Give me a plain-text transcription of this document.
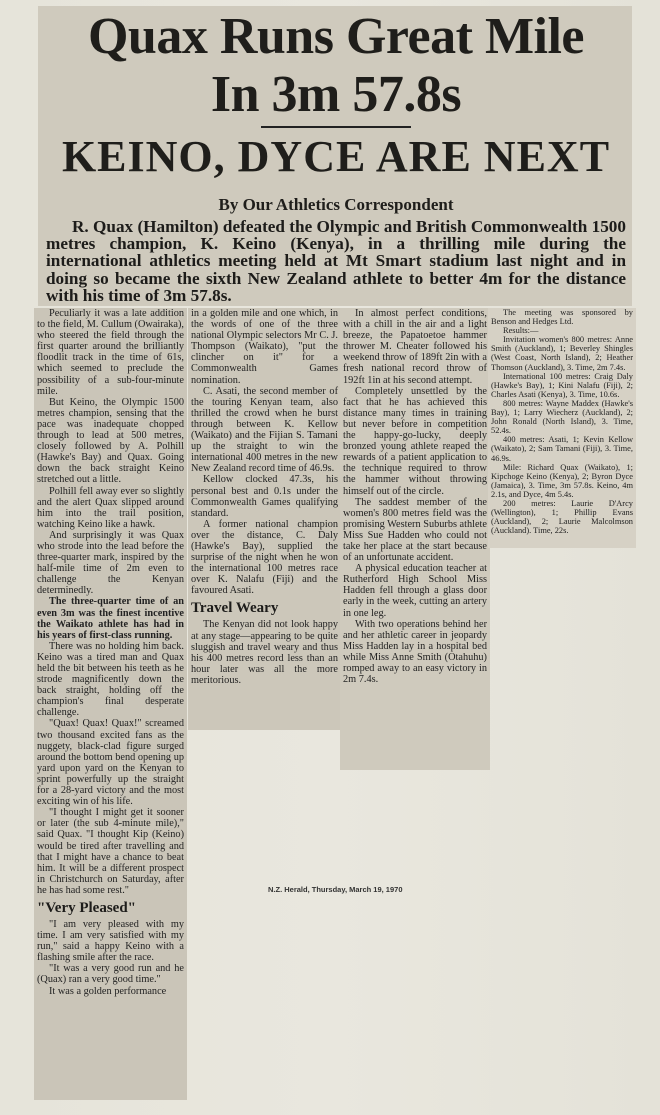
Quax Runs Great Mile
In 3m 57.8s
KEINO, DYCE ARE NEXT
By Our Athletics Correspondent

R. Quax (Hamilton) defeated the Olympic and British Commonwealth 1500 metres champion, K. Keino (Kenya), in a thrilling mile during the international athletics meeting held at Mt Smart stadium last night and in doing so became the sixth New Zealand athlete to better 4m for the distance with his time of 3m 57.8s.

Peculiarly it was a late addition to the field, M. Cullum (Owairaka), who steered the field through the first quarter around the brilliantly floodlit track in the time of 61s, which seemed to preclude the possibility of a sub-four-minute mile.

But Keino, the Olympic 1500 metres champion, sensing that the pace was inadequate chopped through to lead at 500 metres, closely followed by A. Polhill (Hawke's Bay) and Quax. Going down the back straight Keino stretched out a little.

Polhill fell away ever so slightly and the alert Quax slipped around him into the trail position, watching Keino like a hawk.

And surprisingly it was Quax who strode into the lead before the three-quarter mark, inspired by the half-mile time of 2m even to challenge the Kenyan determinedly.

The three-quarter time of an even 3m was the finest incentive the Waikato athlete has had in his years of first-class running.

There was no holding him back. Keino was a tired man and Quax held the bit between his teeth as he strode magnificently down the back straight, holding off the champion's final desperate challenge.

"Quax! Quax! Quax!" screamed two thousand excited fans as the nuggety, black-clad figure surged around the bottom bend opening up yard upon yard on the Kenyan to sprint powerfully up the straight for a 28-yard victory and the most exciting win of his life.

"I thought I might get it sooner or later (the sub 4-minute mile)," said Quax. "I thought Kip (Keino) would be tired after travelling and that I might have a chance to beat him. It will be a different prospect in Christchurch on Saturday, after he has had some rest."

"Very Pleased"

"I am very pleased with my time. I am very satisfied with my run," said a happy Keino with a flashing smile after the race.

"It was a very good run and he (Quax) ran a very good time."

It was a golden performance

in a golden mile and one which, in the words of one of the three national Olympic selectors Mr C. J. Thompson (Waikato), "put the clincher on it" for a Commonwealth Games nomination.

C. Asati, the second member of the touring Kenyan team, also thrilled the crowd when he burst through between K. Kellow (Waikato) and the Fijian S. Tamani up the straight to win the international 400 metres in the new New Zealand record time of 46.9s.

Kellow clocked 47.3s, his personal best and 0.1s under the Commonwealth Games qualifying standard.

A former national champion over the distance, C. Daly (Hawke's Bay), supplied the surprise of the night when he won the international 100 metres race over K. Nalafu (Fiji) and the favoured Asati.

Travel Weary

The Kenyan did not look happy at any stage—appearing to be quite sluggish and travel weary and thus his 400 metres record less than an hour later was all the more meritorious.

In almost perfect conditions, with a chill in the air and a light breeze, the Papatoetoe hammer thrower M. Cheater followed his weekend throw of 189ft 2in with a fresh national record throw of 192ft 1in at his second attempt.

Completely unsettled by the fact that he has achieved this distance many times in training but never before in competition the happy-go-lucky, deeply bronzed young athlete reaped the rewards of a patient application to the technique required to throw the hammer without throwing himself out of the circle.

The saddest member of the women's 800 metres field was the promising Western Suburbs athlete Miss Sue Hadden who could not take her place at the start because of an unfortunate accident.

A physical education teacher at Rutherford High School Miss Hadden fell through a glass door early in the week, cutting an artery in one leg.

With two operations behind her and her athletic career in jeopardy Miss Hadden lay in a hospital bed while Miss Anne Smith (Otahuhu) romped away to an easy victory in 2m 7.4s.

The meeting was sponsored by Benson and Hedges Ltd.

Results:—

Invitation women's 800 metres: Anne Smith (Auckland), 1; Beverley Shingles (West Coast, North Island), 2; Heather Thomson (Auckland), 3. Time, 2m 7.4s.

International 100 metres: Craig Daly (Hawke's Bay), 1; Kini Nalafu (Fiji), 2; Charles Asati (Kenya), 3. Time, 10.6s.

800 metres: Wayne Maddex (Hawke's Bay), 1; Larry Wiecherz (Auckland), 2; John Ronald (North Island), 3. Time, 52.4s.

400 metres: Asati, 1; Kevin Kellow (Waikato), 2; Sam Tamani (Fiji), 3. Time, 46.9s.

Mile: Richard Quax (Waikato), 1; Kipchoge Keino (Kenya), 2; Byron Dyce (Jamaica), 3. Time, 3m 57.8s. Keino, 4m 2.1s, and Dyce, 4m 5.4s.

200 metres: Laurie D'Arcy (Wellington), 1; Phillip Evans (Auckland), 2; Laurie Malcolmson (Auckland). Time, 22s.

N.Z. Herald, Thursday, March 19, 1970
